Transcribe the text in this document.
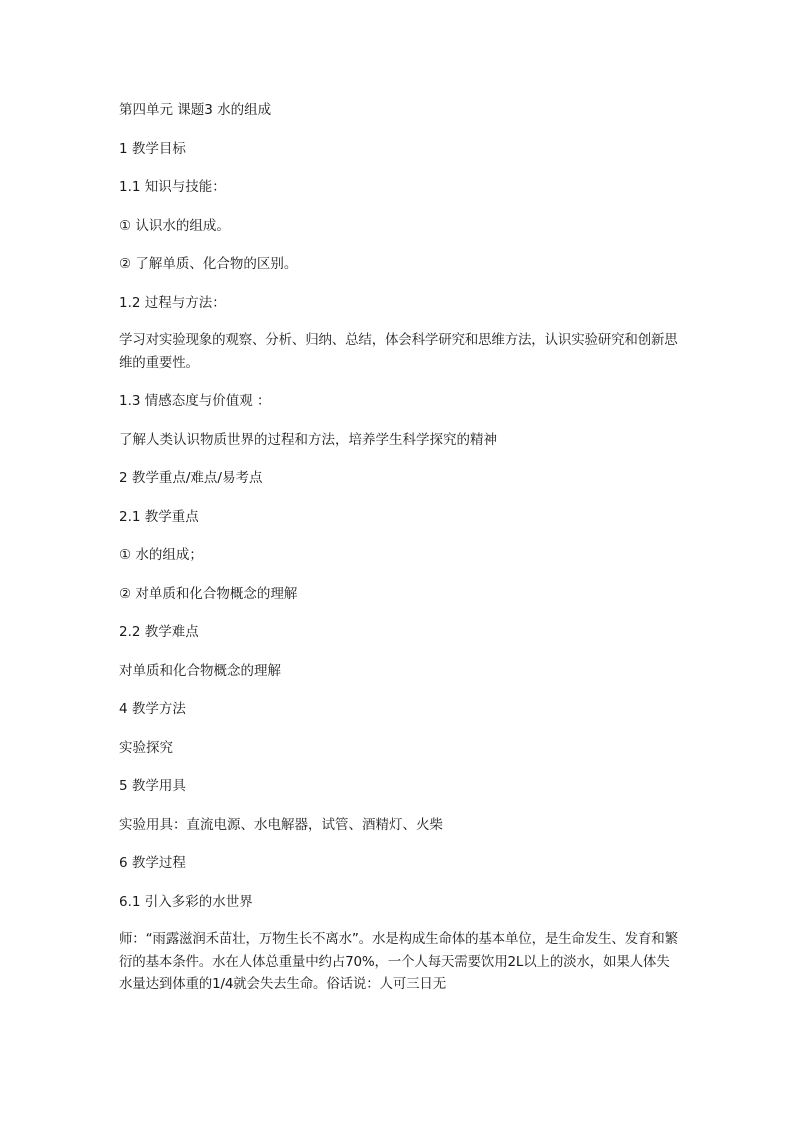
第四单元 课题3 水的组成
1 教学目标
1.1 知识与技能：
① 认识水的组成。
② 了解单质、化合物的区别。
1.2 过程与方法：
学习对实验现象的观察、分析、归纳、总结，体会科学研究和思维方法，认识实验研究和创新思维的重要性。
1.3 情感态度与价值观 ：
了解人类认识物质世界的过程和方法，培养学生科学探究的精神
2 教学重点/难点/易考点
2.1 教学重点
① 水的组成；
② 对单质和化合物概念的理解
2.2 教学难点
对单质和化合物概念的理解
4 教学方法
实验探究
5 教学用具
实验用具：直流电源、水电解器，试管、酒精灯、火柴
6 教学过程
6.1 引入多彩的水世界
师：“雨露滋润禾苗壮，万物生长不离水”。水是构成生命体的基本单位，是生命发生、发育和繁衍的基本条件。水在人体总重量中约占70%，一个人每天需要饮用2L以上的淡水，如果人体失水量达到体重的1/4就会失去生命。俗话说：人可三日无
